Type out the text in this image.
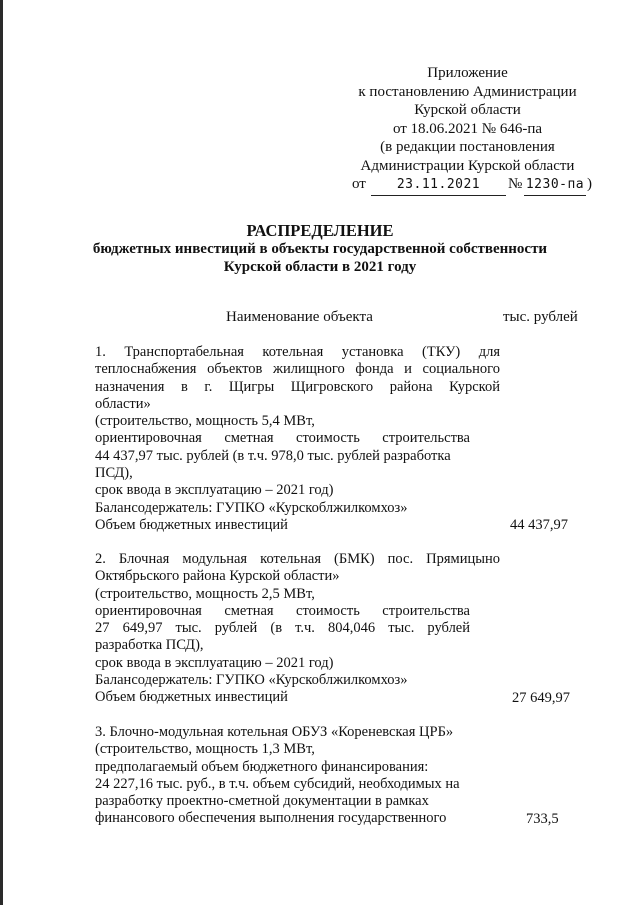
Приложение
к постановлению Администрации
Курской области
от 18.06.2021 № 646-па
(в редакции постановления
Администрации Курской области
от	23.11.2021	№ 1230-па )
РАСПРЕДЕЛЕНИЕ
бюджетных инвестиций в объекты государственной собственности
Курской области в 2021 году
Наименование объекта	тыс. рублей

1. Транспортабельная котельная установка (ТКУ) для

теплоснабжения объектов жилищного фонда и социального

назначения в г. Щигры Щигровского района Курской

области»

(строительство, мощность 5,4 МВт,

ориентировочная сметная стоимость строительства

44 437,97 тыс. рублей (в т.ч. 978,0 тыс. рублей разработка

ПСД),

срок ввода в эксплуатацию – 2021 год)

Балансодержатель: ГУПКО «Курскоблжилкомхоз»

Объем бюджетных инвестиций	44 437,97

2. Блочная модульная котельная (БМК) пос. Прямицыно

Октябрьского района Курской области»

(строительство, мощность 2,5 МВт,

ориентировочная сметная стоимость строительства

27 649,97 тыс. рублей (в т.ч. 804,046 тыс. рублей

разработка ПСД),

срок ввода в эксплуатацию – 2021 год)

Балансодержатель: ГУПКО «Курскоблжилкомхоз»

Объем бюджетных инвестиций	27 649,97

3. Блочно-модульная котельная ОБУЗ «Кореневская ЦРБ»

(строительство, мощность 1,3 МВт,

предполагаемый объем бюджетного финансирования:

24 227,16 тыс. руб., в т.ч. объем субсидий, необходимых на

разработку проектно-сметной документации в рамках

финансового обеспечения выполнения государственного	733,5
